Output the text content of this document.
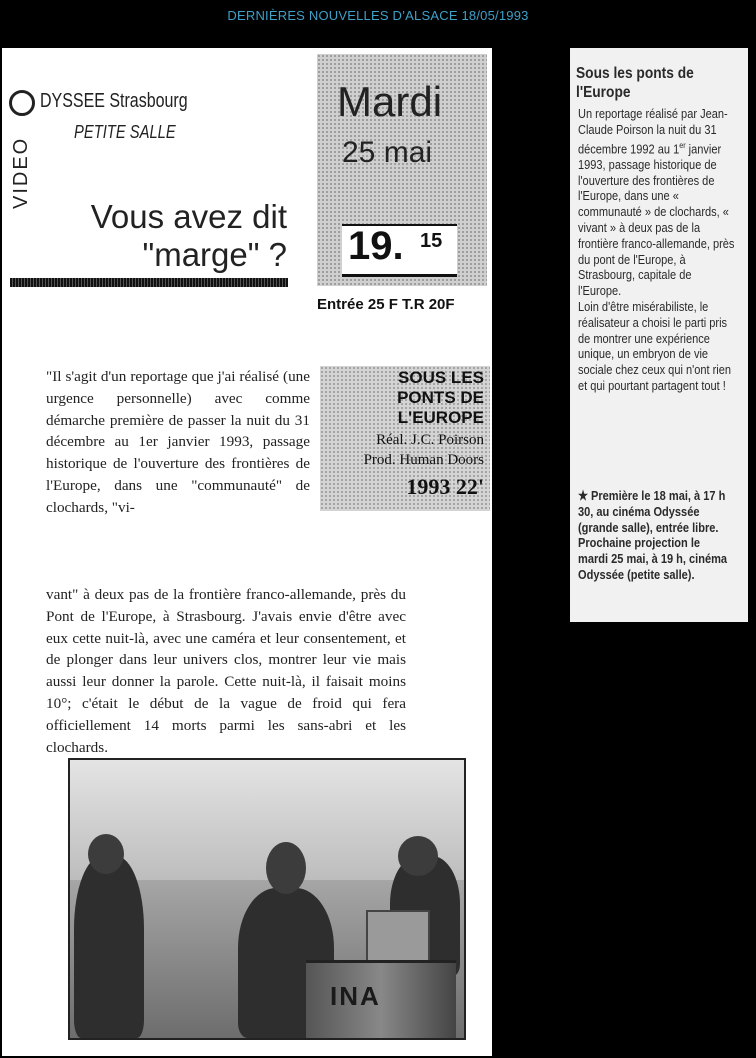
DERNIÈRES NOUVELLES D’ALSACE 18/05/1993
VIDEO
DYSSEE Strasbourg
PETITE SALLE
Mardi
25 mai
19. 15
Vous avez dit
"marge" ?
Entrée 25 F T.R 20F
SOUS LES
PONTS DE
L'EUROPE
Réal. J.C. Poirson
Prod. Human Doors
1993 22'

"Il s'agit d'un reportage que j'ai réalisé (une urgence personnelle) avec comme démarche première de passer la nuit du 31 décembre au 1er janvier 1993, passage historique de l'ouverture des frontières de l'Europe, dans une "communauté" de clochards, "vi-

vant" à deux pas de la frontière franco-allemande, près du Pont de l'Europe, à Strasbourg. J'avais envie d'être avec eux cette nuit-là, avec une caméra et leur consentement, et de plonger dans leur univers clos, montrer leur vie mais aussi leur donner la parole. Cette nuit-là, il faisait moins 10°; c'était le début de la vague de froid qui fera officiellement 14 morts parmi les sans-abri et les clochards.

INA
Sous les ponts de l'Europe

Un reportage réalisé par Jean-Claude Poirson la nuit du 31 décembre 1992 au 1er janvier 1993, passage historique de l'ouverture des frontières de l'Europe, dans une « communauté » de clochards, « vivant » à deux pas de la frontière franco-allemande, près du pont de l'Europe, à Strasbourg, capitale de l'Europe.

Loin d'être misérabiliste, le réalisateur a choisi le parti pris de montrer une expérience unique, un embryon de vie sociale chez ceux qui n'ont rien et qui pourtant partagent tout !

★ Première le 18 mai, à 17 h 30, au cinéma Odyssée (grande salle), entrée libre. Prochaine projection le mardi 25 mai, à 19 h, cinéma Odyssée (petite salle).
